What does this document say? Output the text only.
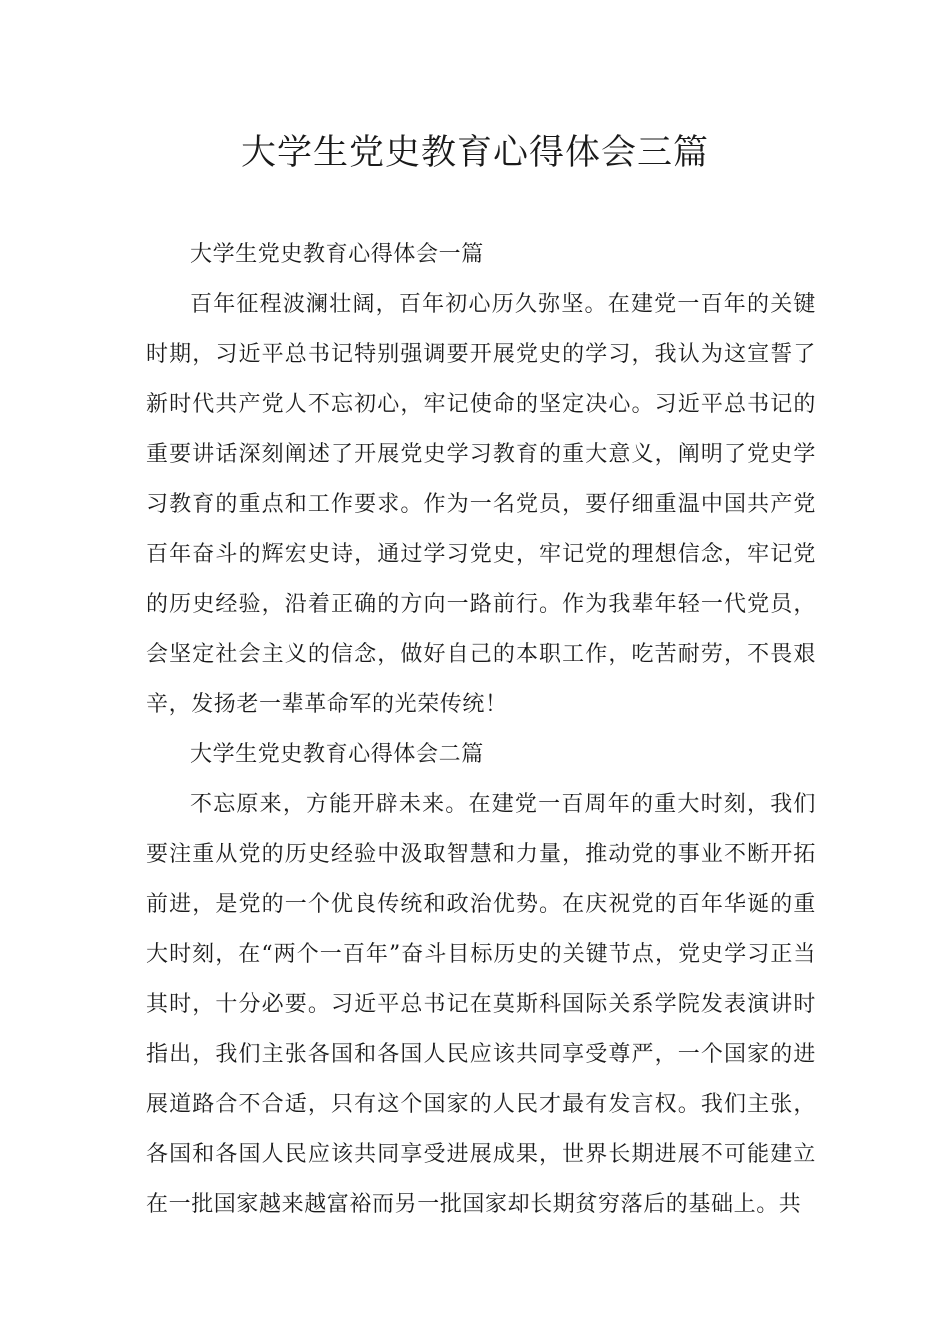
大学生党史教育心得体会三篇

大学生党史教育心得体会一篇

百年征程波澜壮阔，百年初心历久弥坚。在建党一百年的关键时期，习近平总书记特别强调要开展党史的学习，我认为这宣誓了新时代共产党人不忘初心，牢记使命的坚定决心。习近平总书记的重要讲话深刻阐述了开展党史学习教育的重大意义，阐明了党史学习教育的重点和工作要求。作为一名党员，要仔细重温中国共产党百年奋斗的辉宏史诗，通过学习党史，牢记党的理想信念，牢记党的历史经验，沿着正确的方向一路前行。作为我辈年轻一代党员，会坚定社会主义的信念，做好自己的本职工作，吃苦耐劳，不畏艰辛，发扬老一辈革命军的光荣传统！

大学生党史教育心得体会二篇

不忘原来，方能开辟未来。在建党一百周年的重大时刻，我们要注重从党的历史经验中汲取智慧和力量，推动党的事业不断开拓前进，是党的一个优良传统和政治优势。在庆祝党的百年华诞的重大时刻，在“两个一百年”奋斗目标历史的关键节点，党史学习正当其时，十分必要。习近平总书记在莫斯科国际关系学院发表演讲时指出，我们主张各国和各国人民应该共同享受尊严，一个国家的进展道路合不合适，只有这个国家的人民才最有发言权。我们主张，各国和各国人民应该共同享受进展成果，世界长期进展不可能建立在一批国家越来越富裕而另一批国家却长期贫穷落后的基础上。共
